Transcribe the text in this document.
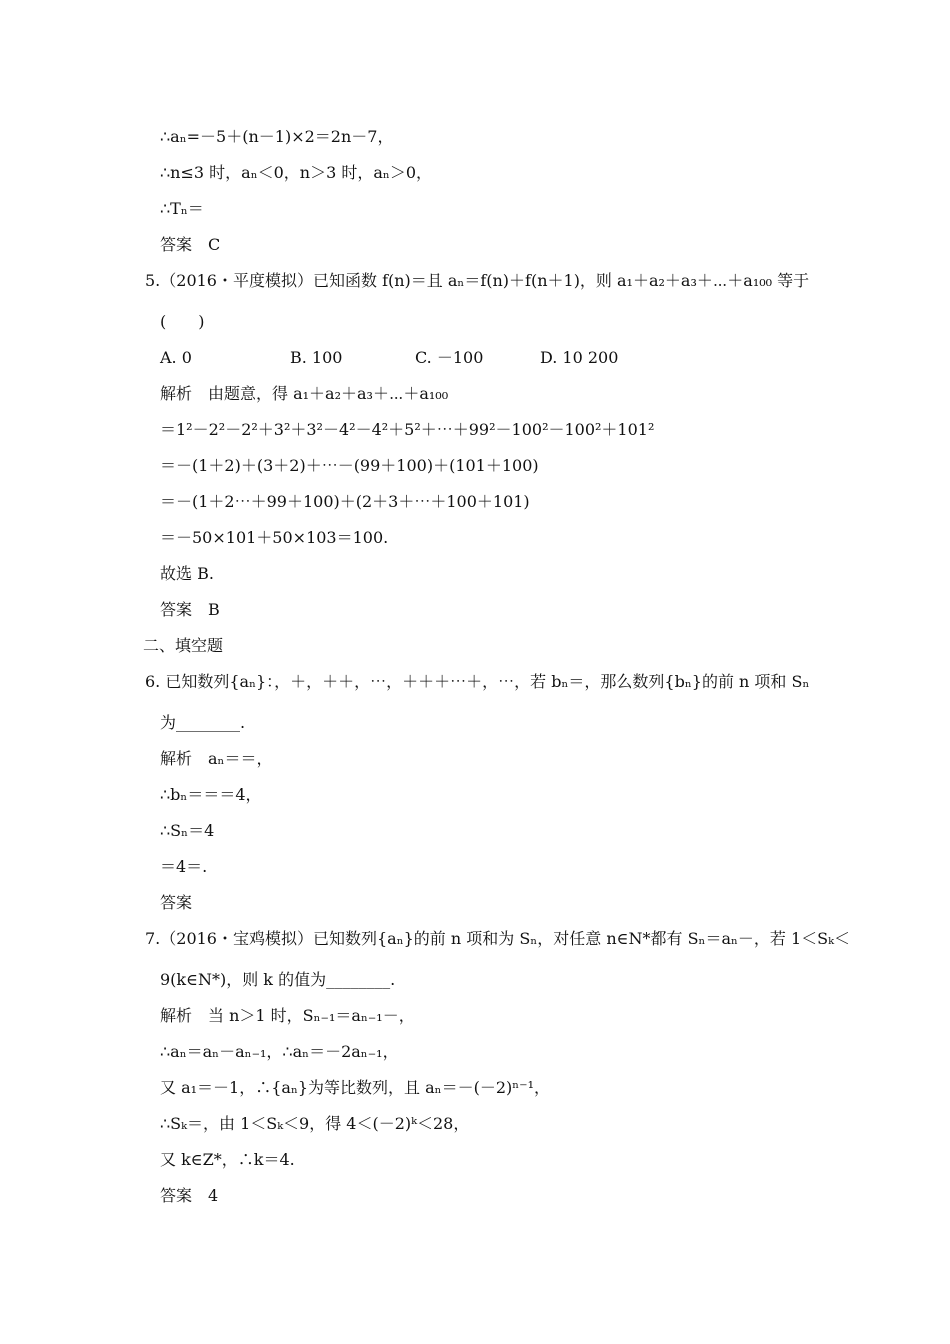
∴aₙ=－5＋(n－1)×2＝2n－7，
∴n≤3 时，aₙ＜0，n＞3 时，aₙ＞0，
∴Tₙ＝
答案　C
5.（2016・平度模拟）已知函数 f(n)＝且 aₙ＝f(n)＋f(n＋1)，则 a₁＋a₂＋a₃＋⋯＋a₁₀₀ 等于
(　　)
A. 0	B. 100	C. －100	D. 10 200
解析　由题意，得 a₁＋a₂＋a₃＋⋯＋a₁₀₀
＝1²－2²－2²＋3²＋3²－4²－4²＋5²＋⋯＋99²－100²－100²＋101²
＝－(1＋2)＋(3＋2)＋⋯－(99＋100)＋(101＋100)
＝－(1＋2⋯＋99＋100)＋(2＋3＋⋯＋100＋101)
＝－50×101＋50×103＝100.
故选 B.
答案　B
二、填空题
6. 已知数列{aₙ}：，＋，＋＋，⋯，＋＋＋⋯＋，⋯，若 bₙ＝，那么数列{bₙ}的前 n 项和 Sₙ
为________.
解析　aₙ＝＝，
∴bₙ＝＝＝4，
∴Sₙ＝4
＝4＝.
答案
7.（2016・宝鸡模拟）已知数列{aₙ}的前 n 项和为 Sₙ，对任意 n∈N*都有 Sₙ＝aₙ－，若 1＜Sₖ＜
9(k∈N*)，则 k 的值为________.
解析　当 n＞1 时，Sₙ₋₁＝aₙ₋₁－，
∴aₙ＝aₙ－aₙ₋₁，∴aₙ＝－2aₙ₋₁，
又 a₁＝－1，∴{aₙ}为等比数列，且 aₙ＝－(－2)ⁿ⁻¹，
∴Sₖ＝，由 1＜Sₖ＜9，得 4＜(－2)ᵏ＜28，
又 k∈Z*，∴k＝4.
答案　4
